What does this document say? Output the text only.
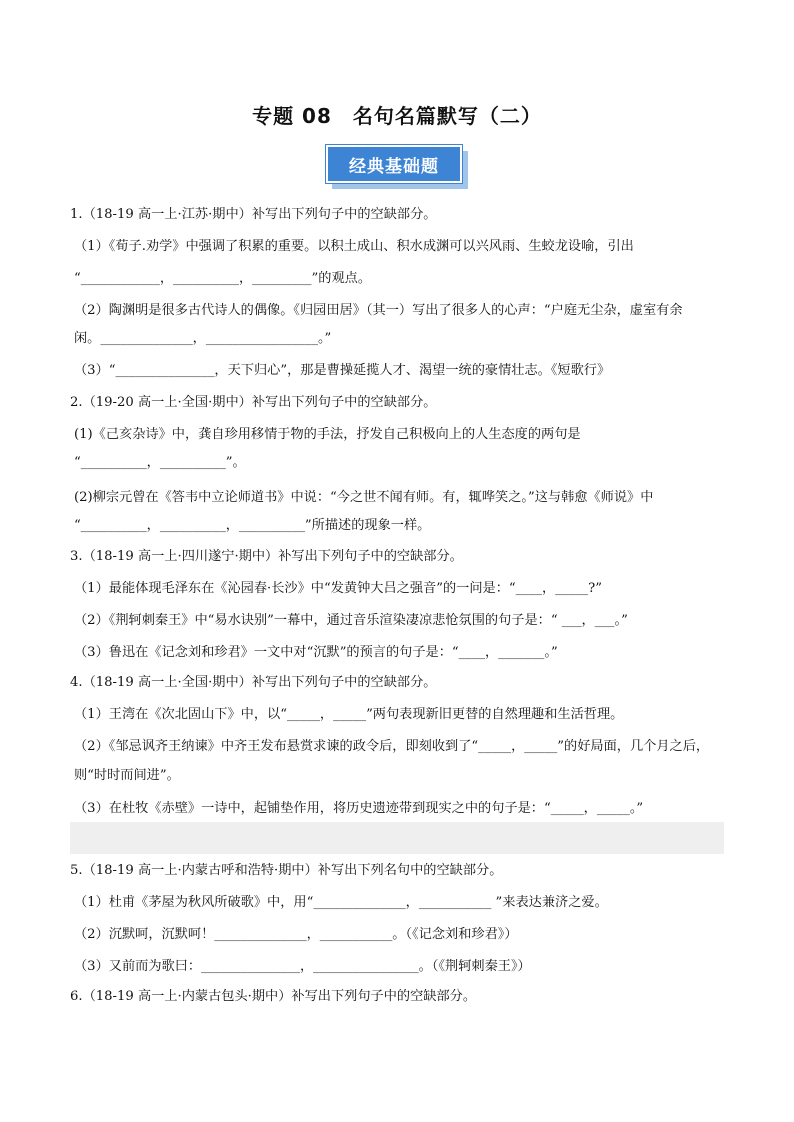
专题 08　名句名篇默写（二）
经典基础题
1.（18-19 高一上·江苏·期中）补写出下列句子中的空缺部分。
（1）《荀子.劝学》中强调了积累的重要。以积土成山、积水成渊可以兴风雨、生蛟龙设喻，引出
“____________，__________，_________”的观点。
（2）陶渊明是很多古代诗人的偶像。《归园田居》（其一）写出了很多人的心声：“户庭无尘杂，虚室有余
闲。______________，_________________。”
（3）“_______________，天下归心”，那是曹操延揽人才、渴望一统的豪情壮志。《短歌行》
2.（19-20 高一上·全国·期中）补写出下列句子中的空缺部分。
(1)《己亥杂诗》中，龚自珍用移情于物的手法，抒发自己积极向上的人生态度的两句是
“__________，__________”。
(2)柳宗元曾在《答韦中立论师道书》中说：“今之世不闻有师。有，辄哗笑之。”这与韩愈《师说》中
“__________，__________，__________”所描述的现象一样。
3.（18-19 高一上·四川遂宁·期中）补写出下列句子中的空缺部分。
（1）最能体现毛泽东在《沁园春·长沙》中“发黄钟大吕之强音”的一问是：“____，_____?”
（2）《荆轲刺秦王》中“易水诀别”一幕中，通过音乐渲染凄凉悲怆氛围的句子是：“ ___，___。”
（3）鲁迅在《记念刘和珍君》一文中对“沉默”的预言的句子是：“____，_______。”
4.（18-19 高一上·全国·期中）补写出下列句子中的空缺部分。
（1）王湾在《次北固山下》中，以“_____，_____”两句表现新旧更替的自然理趣和生活哲理。
（2）《邹忌讽齐王纳谏》中齐王发布悬赏求谏的政令后，即刻收到了“_____，_____”的好局面，几个月之后，
则“时时而间进”。
（3）在杜牧《赤壁》一诗中，起铺垫作用，将历史遗迹带到现实之中的句子是：“_____，_____。”
5.（18-19 高一上·内蒙古呼和浩特·期中）补写出下列名句中的空缺部分。
（1）杜甫《茅屋为秋风所破歌》中，用“______________，___________ ”来表达兼济之爱。
（2）沉默呵，沉默呵！______________，___________。（《记念刘和珍君》）
（3）又前而为歌曰：_______________，________________。（《荆轲刺秦王》）
6.（18-19 高一上·内蒙古包头·期中）补写出下列句子中的空缺部分。
